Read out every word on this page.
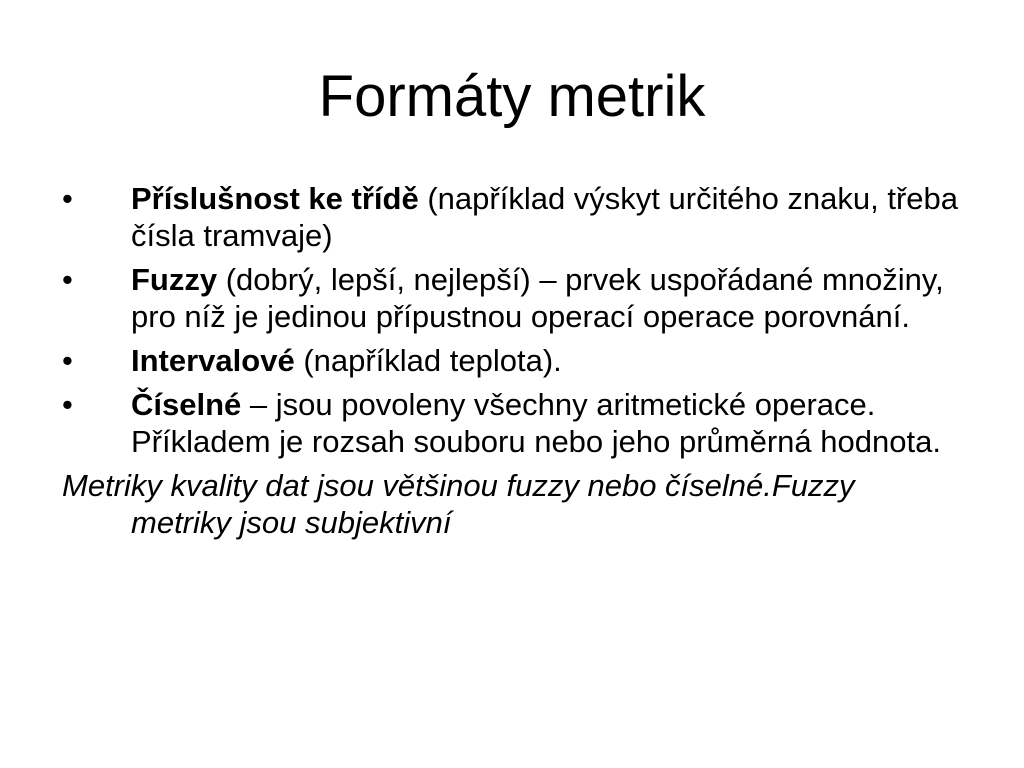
Formáty metrik
• Příslušnost ke třídě (například výskyt určitého znaku, třeba čísla tramvaje)
• Fuzzy (dobrý, lepší, nejlepší) – prvek uspořádané množiny, pro níž je jedinou přípustnou operací operace porovnání.
• Intervalové (například teplota).
• Číselné – jsou povoleny všechny aritmetické operace. Příkladem je rozsah souboru nebo jeho průměrná hodnota.

Metriky kvality dat jsou většinou fuzzy nebo číselné.Fuzzy metriky jsou subjektivní
